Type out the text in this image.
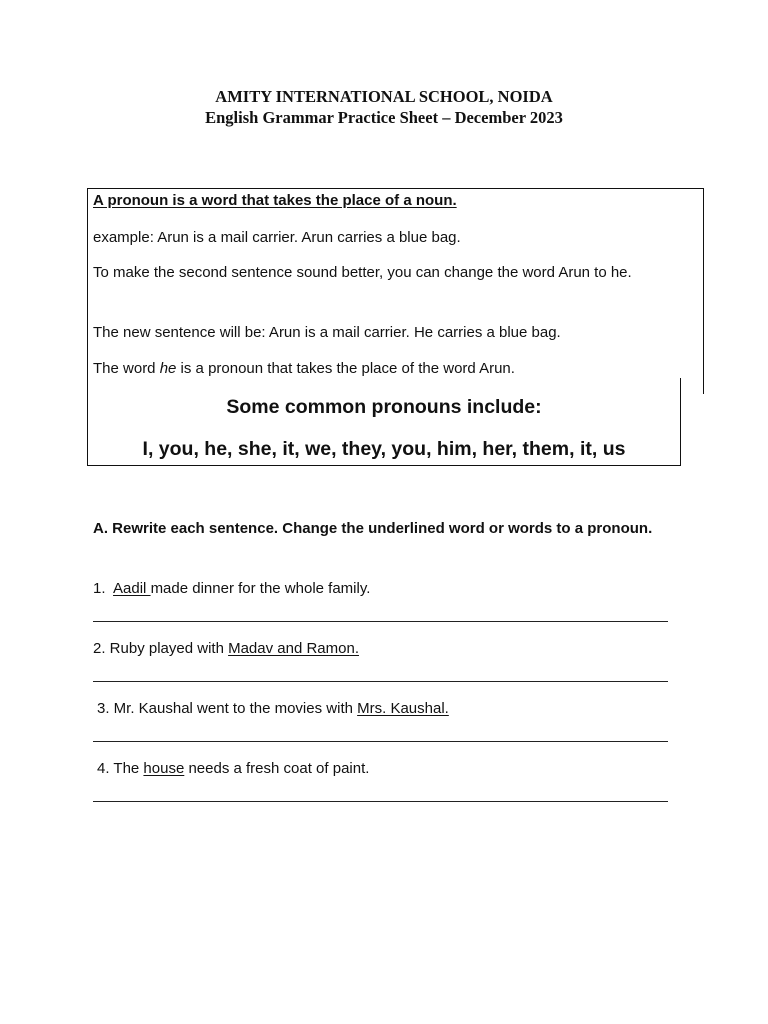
AMITY INTERNATIONAL SCHOOL, NOIDA
English Grammar Practice Sheet – December 2023
A pronoun is a word that takes the place of a noun.
example: Arun is a mail carrier. Arun carries a blue bag.
To make the second sentence sound better, you can change the word Arun to he.
The new sentence will be: Arun is a mail carrier. He carries a blue bag.
The word he is a pronoun that takes the place of the word Arun.
Some common pronouns include:
I, you, he, she, it, we, they, you, him, her, them, it, us
A. Rewrite each sentence. Change the underlined word or words to a pronoun.
1.  Aadil made dinner for the whole family.
2. Ruby played with Madav and Ramon.
3. Mr. Kaushal went to the movies with Mrs. Kaushal.
4. The house needs a fresh coat of paint.
